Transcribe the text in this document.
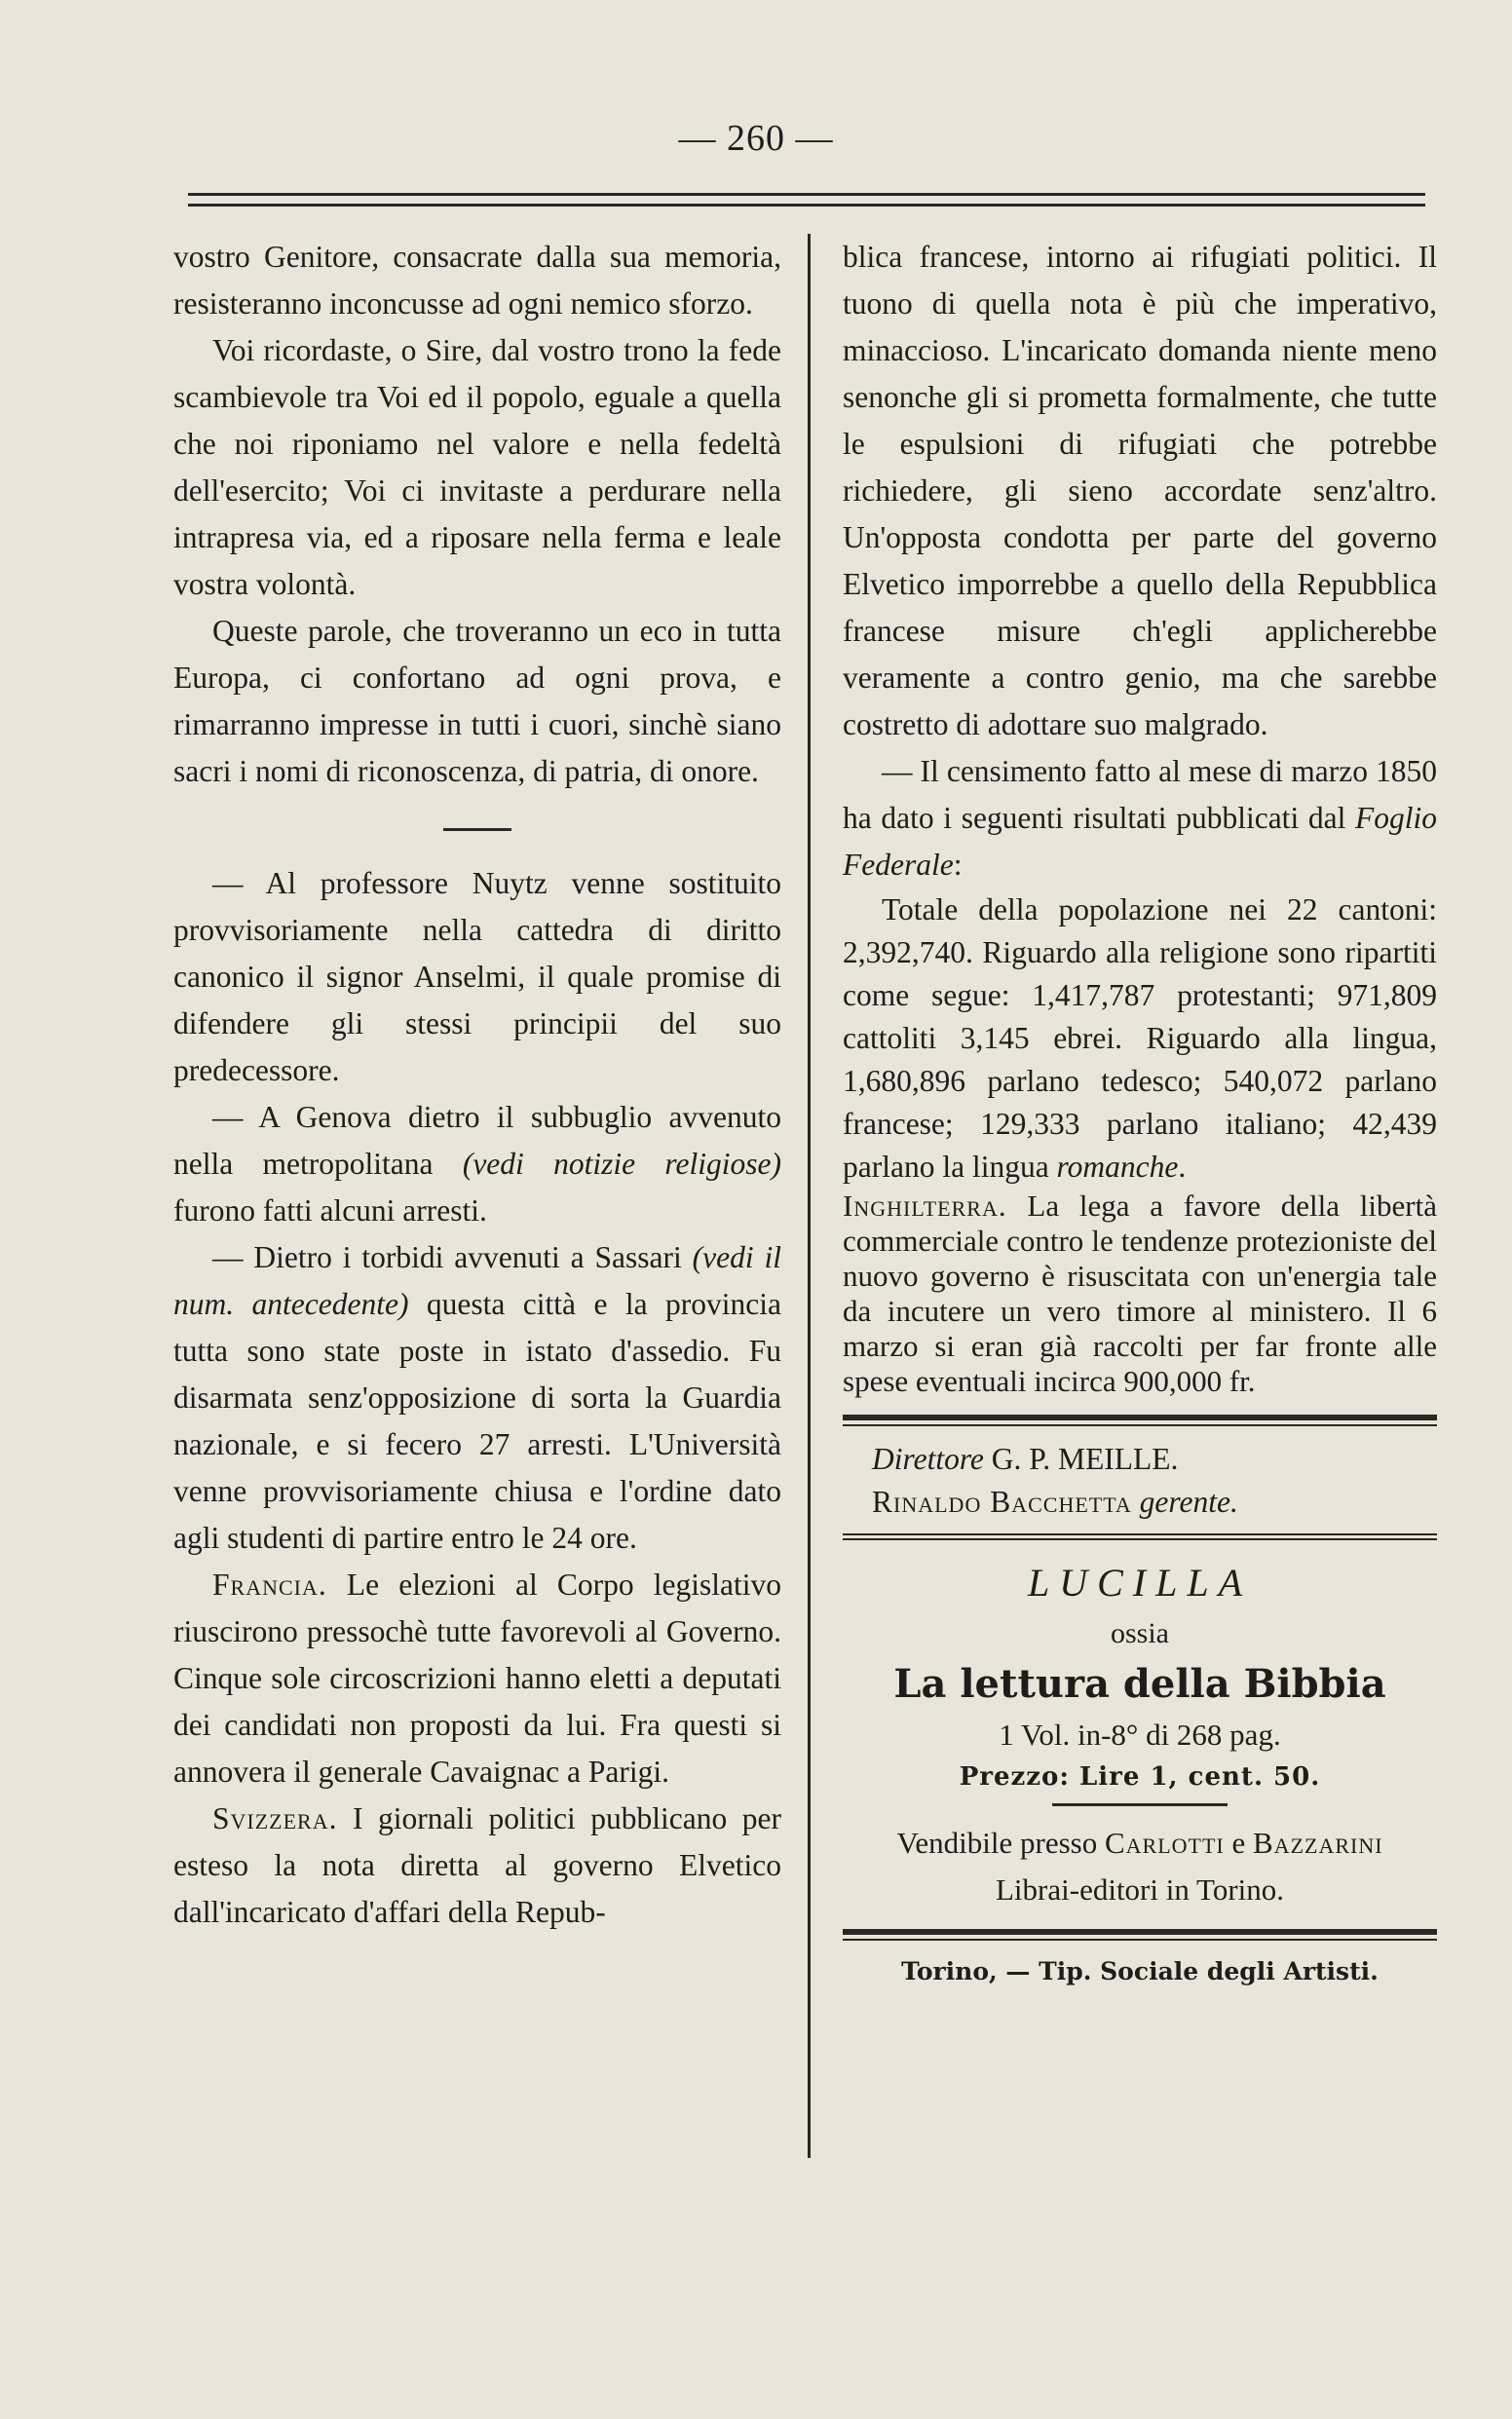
— 260 —

vostro Genitore, consacrate dalla sua memoria, resisteranno inconcusse ad ogni nemico sforzo.

Voi ricordaste, o Sire, dal vostro trono la fede scambievole tra Voi ed il popolo, eguale a quella che noi riponiamo nel valore e nella fedeltà dell'esercito; Voi ci invitaste a perdurare nella intrapresa via, ed a riposare nella ferma e leale vostra volontà.

Queste parole, che troveranno un eco in tutta Europa, ci confortano ad ogni prova, e rimarranno impresse in tutti i cuori, sinchè siano sacri i nomi di riconoscenza, di patria, di onore.

— Al professore Nuytz venne sostituito provvisoriamente nella cattedra di diritto canonico il signor Anselmi, il quale promise di difendere gli stessi principii del suo predecessore.

— A Genova dietro il subbuglio avvenuto nella metropolitana (vedi notizie religiose) furono fatti alcuni arresti.

— Dietro i torbidi avvenuti a Sassari (vedi il num. antecedente) questa città e la provincia tutta sono state poste in istato d'assedio. Fu disarmata senz'opposizione di sorta la Guardia nazionale, e si fecero 27 arresti. L'Università venne provvisoriamente chiusa e l'ordine dato agli studenti di partire entro le 24 ore.

Francia. Le elezioni al Corpo legislativo riuscirono pressochè tutte favorevoli al Governo. Cinque sole circoscrizioni hanno eletti a deputati dei candidati non proposti da lui. Fra questi si annovera il generale Cavaignac a Parigi.

Svizzera. I giornali politici pubblicano per esteso la nota diretta al governo Elvetico dall'incaricato d'affari della Repub-

blica francese, intorno ai rifugiati politici. Il tuono di quella nota è più che imperativo, minaccioso. L'incaricato domanda niente meno senonche gli si prometta formalmente, che tutte le espulsioni di rifugiati che potrebbe richiedere, gli sieno accordate senz'altro. Un'opposta condotta per parte del governo Elvetico imporrebbe a quello della Repubblica francese misure ch'egli applicherebbe veramente a contro genio, ma che sarebbe costretto di adottare suo malgrado.

— Il censimento fatto al mese di marzo 1850 ha dato i seguenti risultati pubblicati dal Foglio Federale:

Totale della popolazione nei 22 cantoni: 2,392,740. Riguardo alla religione sono ripartiti come segue: 1,417,787 protestanti; 971,809 cattoliti 3,145 ebrei. Riguardo alla lingua, 1,680,896 parlano tedesco; 540,072 parlano francese; 129,333 parlano italiano; 42,439 parlano la lingua romanche.

Inghilterra. La lega a favore della libertà commerciale contro le tendenze protezioniste del nuovo governo è risuscitata con un'energia tale da incutere un vero timore al ministero. Il 6 marzo si eran già raccolti per far fronte alle spese eventuali incirca 900,000 fr.

Direttore G. P. MEILLE.
Rinaldo Bacchetta gerente.
LUCILLA
ossia
La lettura della Bibbia
1 Vol. in-8° di 268 pag.
Prezzo: Lire 1, cent. 50.
Vendibile presso Carlotti e Bazzarini
Librai-editori in Torino.
Torino, — Tip. Sociale degli Artisti.
